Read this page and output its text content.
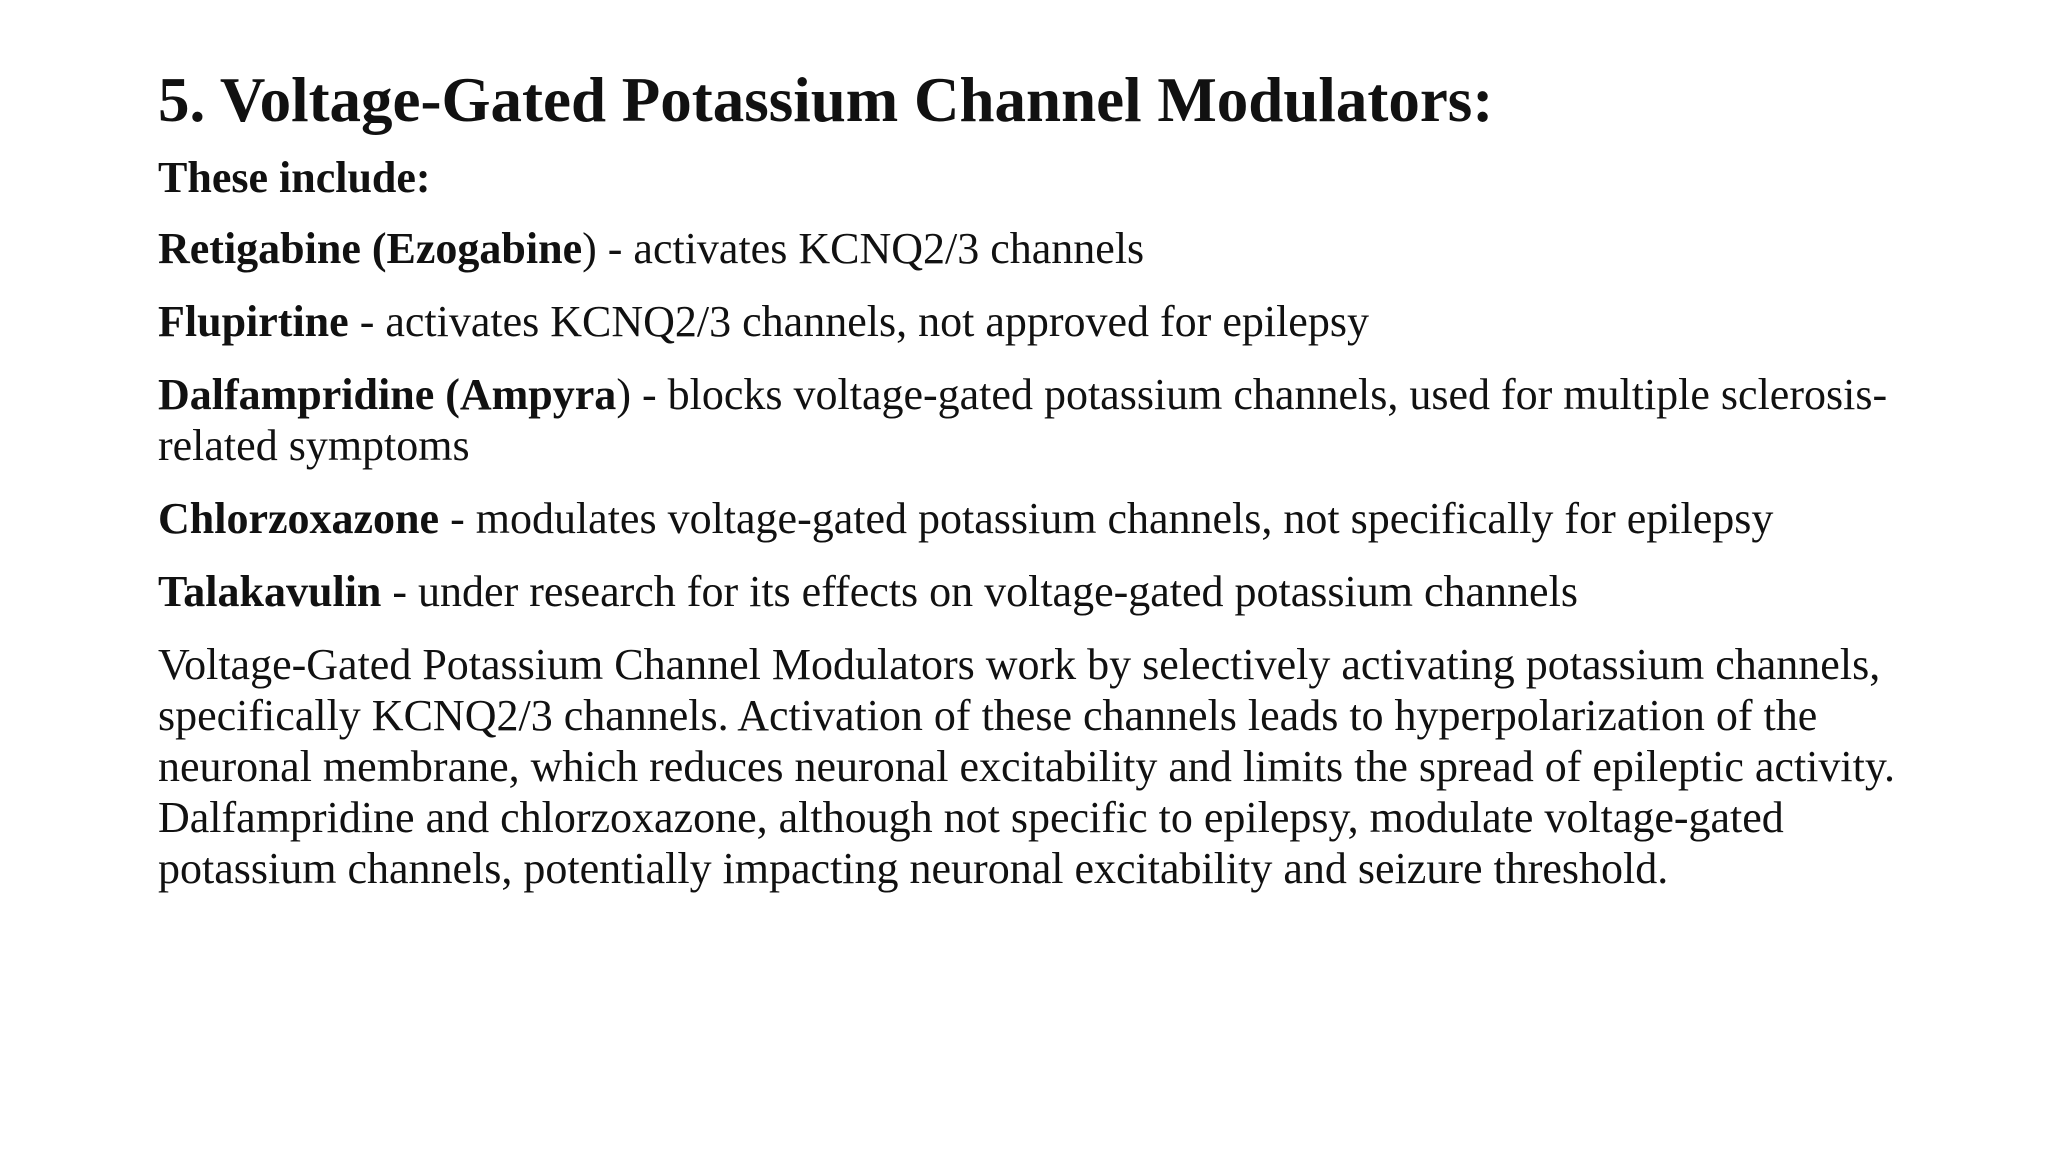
5. Voltage-Gated Potassium Channel Modulators:

These include:

Retigabine (Ezogabine) - activates KCNQ2/3 channels

Flupirtine - activates KCNQ2/3 channels, not approved for epilepsy

Dalfampridine (Ampyra) - blocks voltage-gated potassium channels, used for multiple sclerosis-related symptoms

Chlorzoxazone - modulates voltage-gated potassium channels, not specifically for epilepsy

Talakavulin - under research for its effects on voltage-gated potassium channels

Voltage-Gated Potassium Channel Modulators work by selectively activating potassium channels, specifically KCNQ2/3 channels. Activation of these channels leads to hyperpolarization of the neuronal membrane, which reduces neuronal excitability and limits the spread of epileptic activity. Dalfampridine and chlorzoxazone, although not specific to epilepsy, modulate voltage-gated potassium channels, potentially impacting neuronal excitability and seizure threshold.
